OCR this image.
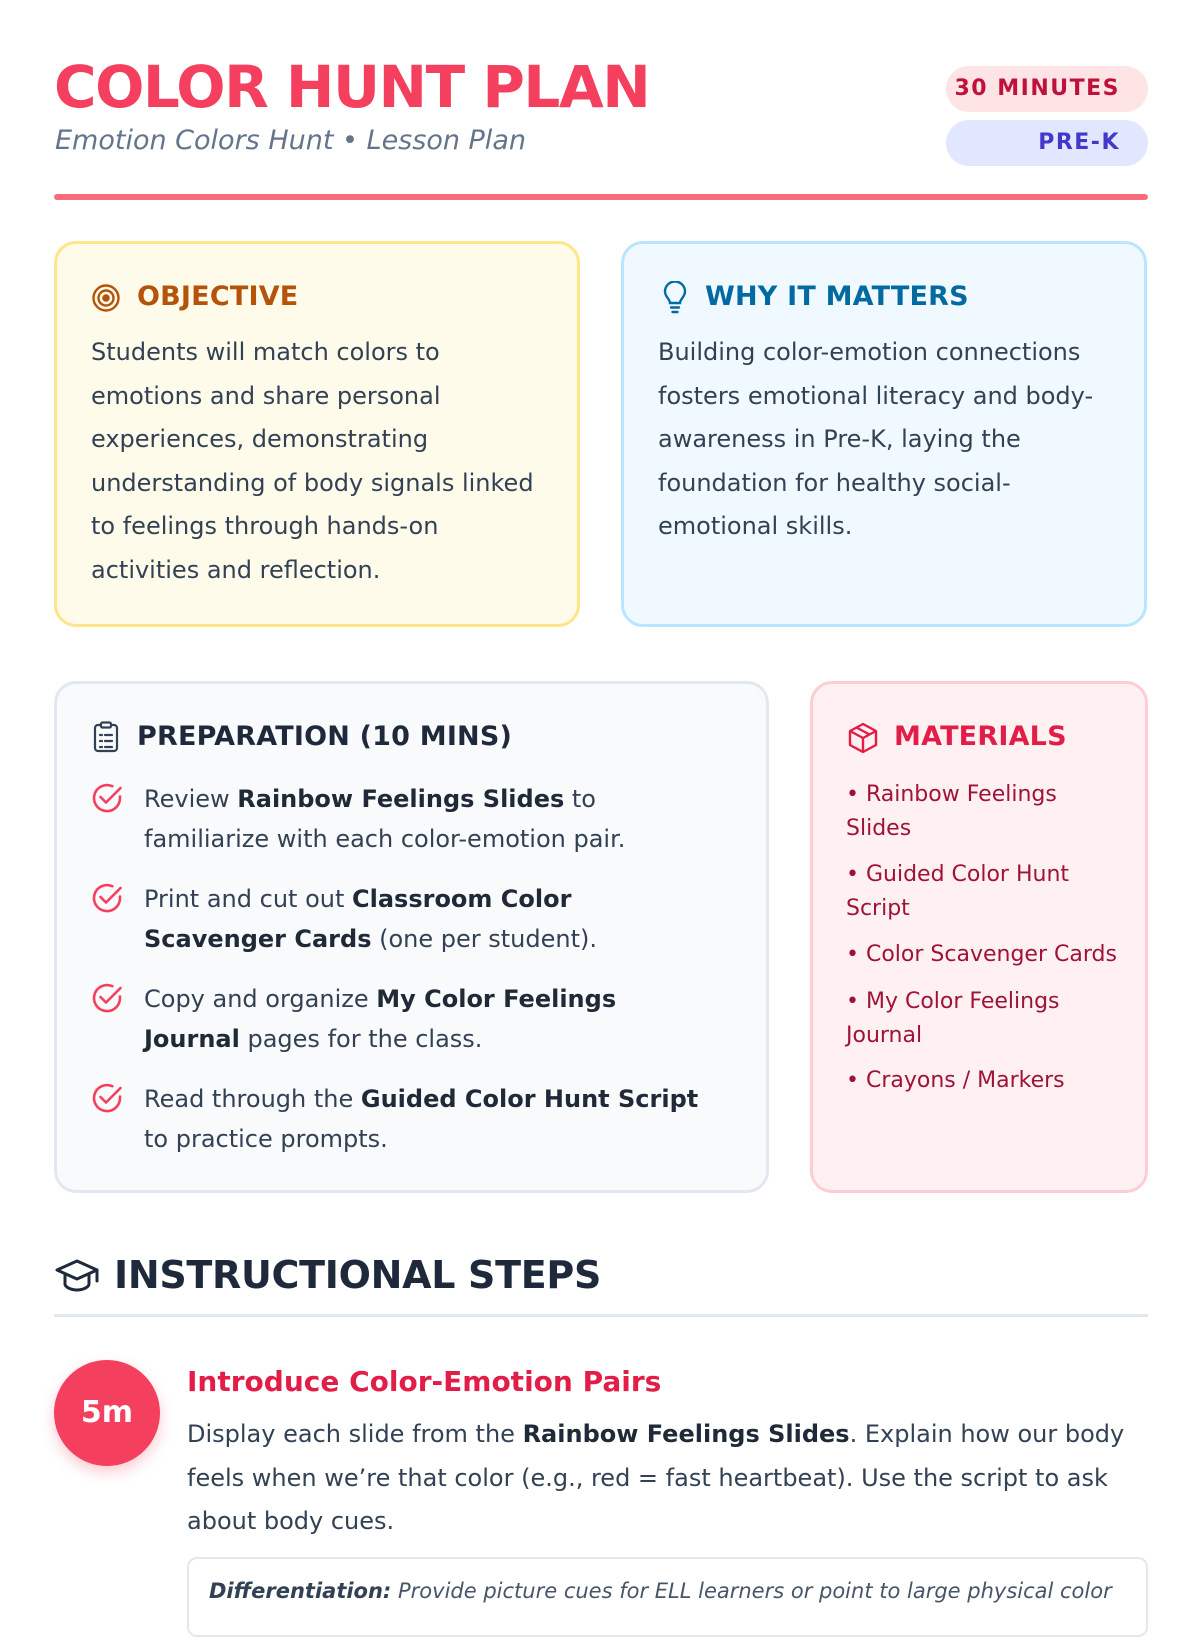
COLOR HUNT PLAN
Emotion Colors Hunt • Lesson Plan
30 MINUTES
PRE-K
OBJECTIVE
Students will match colors to emotions and share personal experiences, demonstrating understanding of body signals linked to feelings through hands-on activities and reflection.
WHY IT MATTERS
Building color-emotion connections fosters emotional literacy and body-awareness in Pre-K, laying the foundation for healthy social-emotional skills.
PREPARATION (10 MINS)
Review Rainbow Feelings Slides to familiarize with each color-emotion pair.
Print and cut out Classroom Color Scavenger Cards (one per student).
Copy and organize My Color Feelings Journal pages for the class.
Read through the Guided Color Hunt Script to practice prompts.
MATERIALS
• Rainbow Feelings Slides
• Guided Color Hunt Script
• Color Scavenger Cards
• My Color Feelings Journal
• Crayons / Markers
INSTRUCTIONAL STEPS
5m
Introduce Color-Emotion Pairs
Display each slide from the Rainbow Feelings Slides. Explain how our body feels when we’re that color (e.g., red = fast heartbeat). Use the script to ask about body cues.
Differentiation: Provide picture cues for ELL learners or point to large physical color
